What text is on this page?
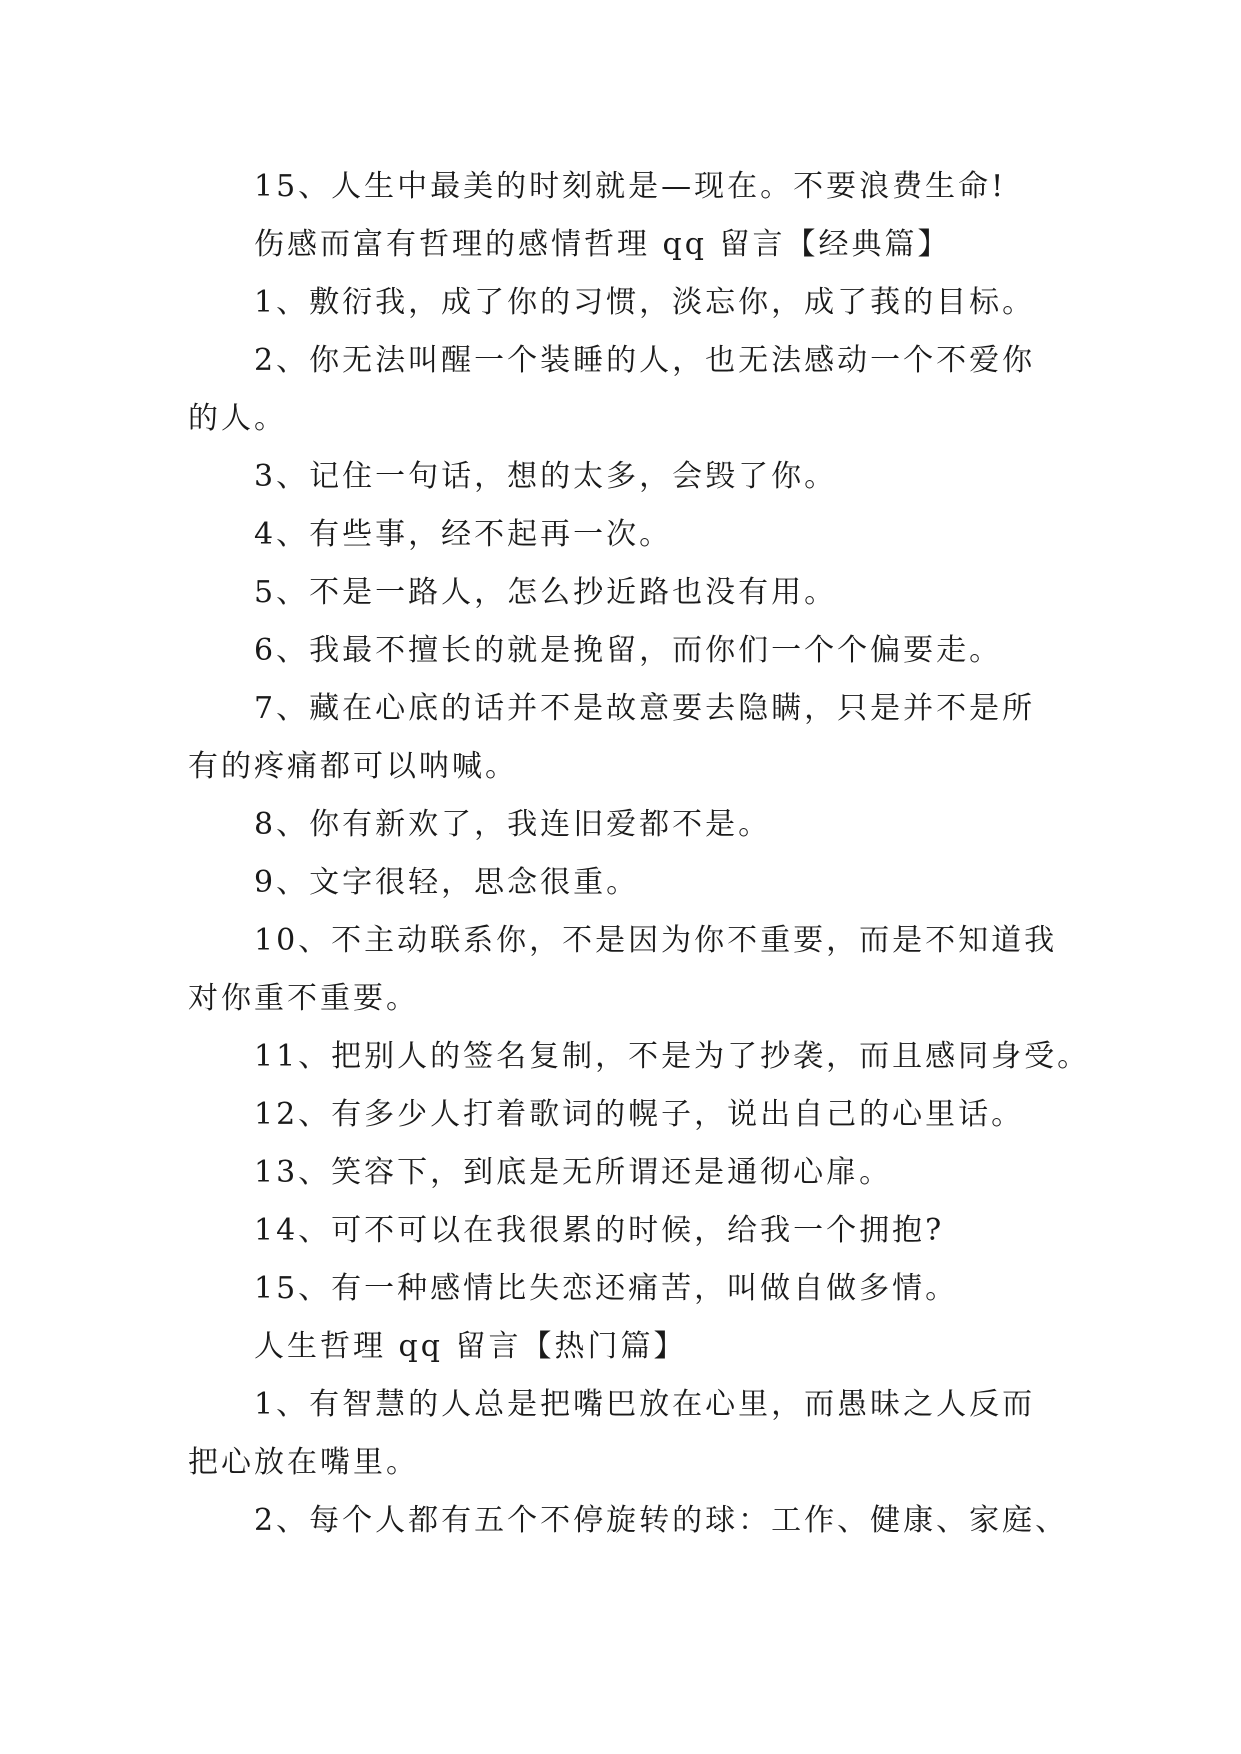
15、人生中最美的时刻就是—现在。不要浪费生命!
伤感而富有哲理的感情哲理 qq 留言【经典篇】
1、敷衍我，成了你的习惯，淡忘你，成了莪的目标。
2、你无法叫醒一个装睡的人，也无法感动一个不爱你
的人。
3、记住一句话，想的太多，会毁了你。
4、有些事，经不起再一次。
5、不是一路人，怎么抄近路也没有用。
6、我最不擅长的就是挽留，而你们一个个偏要走。
7、藏在心底的话并不是故意要去隐瞒，只是并不是所
有的疼痛都可以呐喊。
8、你有新欢了，我连旧爱都不是。
9、文字很轻，思念很重。
10、不主动联系你，不是因为你不重要，而是不知道我
对你重不重要。
11、把别人的签名复制，不是为了抄袭，而且感同身受。
12、有多少人打着歌词的幌子，说出自己的心里话。
13、笑容下，到底是无所谓还是通彻心扉。
14、可不可以在我很累的时候，给我一个拥抱?
15、有一种感情比失恋还痛苦，叫做自做多情。
人生哲理 qq 留言【热门篇】
1、有智慧的人总是把嘴巴放在心里，而愚昧之人反而
把心放在嘴里。
2、每个人都有五个不停旋转的球：工作、健康、家庭、
